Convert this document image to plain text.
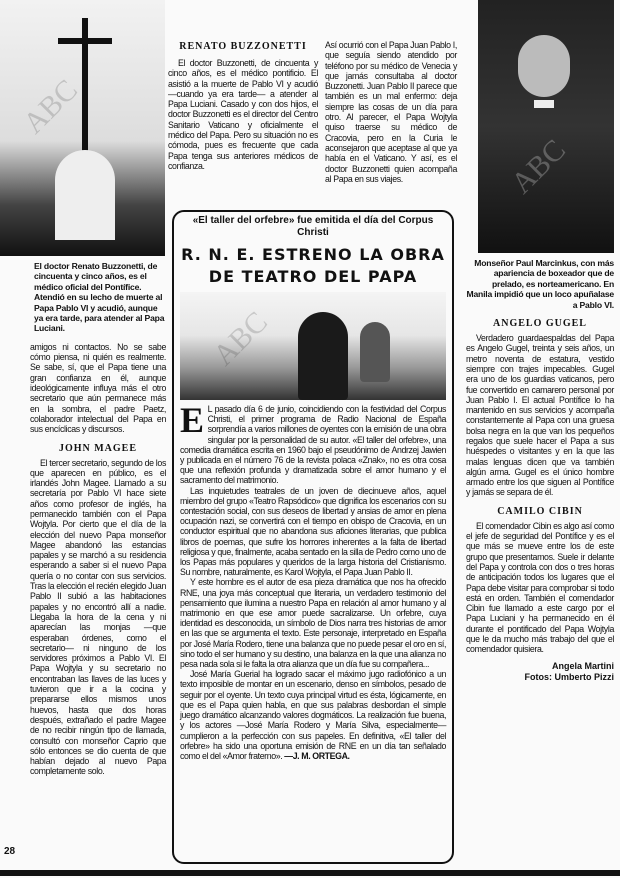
ABC
El doctor Renato Buzzonetti, de cincuenta y cinco años, es el médico oficial del Pontífice. Atendió en su lecho de muerte al Papa Pablo VI y acudió, aunque ya era tarde, para atender al Papa Luciani.
amigos ni contactos. No se sabe cómo piensa, ni quién es realmente. Se sabe, sí, que el Papa tiene una gran confianza en él, aunque ideológicamente influya más el otro secretario que aún permanece más en la sombra, el padre Paetz, colaborador intelectual del Papa en sus encíclicas y discursos.
JOHN MAGEE
El tercer secretario, segundo de los que aparecen en público, es el irlandés John Magee. Llamado a su secretaría por Pablo VI hace siete años como profesor de inglés, ha permanecido también con el Papa Wojtyla. Por cierto que el día de la elección del nuevo Papa monseñor Magee abandonó las estancias papales y se marchó a su residencia esperando a saber si el nuevo Papa quería o no contar con sus servicios. Tras la elección el recién elegido Juan Pablo II subió a las habitaciones papales y no encontró allí a nadie. Llegaba la hora de la cena y ni aparecían las monjas —que esperaban órdenes, como el secretario— ni ninguno de los servidores próximos a Pablo VI. El Papa Wojtyla y su secretario no encontraban las llaves de las luces y tuvieron que ir a la cocina y prepararse ellos mismos unos huevos, hasta que dos horas después, extrañado el padre Magee de no recibir ningún tipo de llamada, consultó con monseñor Caprio que sólo entonces se dio cuenta de que habían dejado al nuevo Papa completamente solo.
28
RENATO BUZZONETTI
El doctor Buzzonetti, de cincuenta y cinco años, es el médico pontificio. El asistió a la muerte de Pablo VI y acudió —cuando ya era tarde— a atender al Papa Luciani. Casado y con dos hijos, el doctor Buzzonetti es el director del Centro Sanitario Vaticano y oficialmente el médico del Papa. Pero su situación no es cómoda, pues es frecuente que cada Papa tenga sus anteriores médicos de confianza.
Así ocurrió con el Papa Juan Pablo I, que seguía siendo atendido por teléfono por su médico de Venecia y que jamás consultaba al doctor Buzzonetti. Juan Pablo II parece que también es un mal enfermo: deja siempre las cosas de un día para otro. Al parecer, el Papa Wojtyla quiso traerse su médico de Cracovia, pero en la Curia le aconsejaron que aceptase al que ya había en el Vaticano. Y así, es el doctor Buzzonetti quien acompaña al Papa en sus viajes.
«El taller del orfebre» fue emitida el día del Corpus Christi
R. N. E. ESTRENO LA OBRA DE TEATRO DEL PAPA
ABC

E L pasado día 6 de junio, coincidiendo con la festividad del Corpus Christi, el primer programa de Radio Nacional de España sorprendía a varios millones de oyentes con la emisión de una obra singular por la personalidad de su autor. «El taller del orfebre», una comedia dramática escrita en 1960 bajo el pseudónimo de Andrzej Jawien y publicada en el número 76 de la revista polaca «Znak», no es otra cosa que una reflexión profunda y dramatizada sobre el amor humano y el sacramento del matrimonio.

Las inquietudes teatrales de un joven de diecinueve años, aquel miembro del grupo «Teatro Rapsódico» que dignifica los escenarios con su contestación social, con sus deseos de libertad y ansias de amor en plena ocupación nazi, se convertirá con el tiempo en obispo de Cracovia, en un conductor espiritual que no abandona sus aficiones literarias, que publica libros de poemas, que sufre los horrores inherentes a la falta de libertad religiosa y que, finalmente, acaba sentado en la silla de Pedro como uno de los Papas más populares y queridos de la larga historia del Cristianismo. Su nombre, naturalmente, es Karol Wojtyla, el Papa Juan Pablo II.

Y este hombre es el autor de esa pieza dramática que nos ha ofrecido RNE, una joya más conceptual que literaria, un verdadero testimonio del pensamiento que ilumina a nuestro Papa en relación al amor humano y al matrimonio en que ese amor puede sacralizarse. Un orfebre, cuya identidad es desconocida, un símbolo de Dios narra tres historias de amor en las que se argumenta el texto. Este personaje, interpretado en España por José María Rodero, tiene una balanza que no puede pesar el oro en sí, sino todo el ser humano y su destino, una balanza en la que una alianza no pesa nada sola si le falta la otra alianza que un día fue su compañera...

José María Guerial ha logrado sacar el máximo jugo radiofónico a un texto imposible de montar en un escenario, denso en símbolos, pesado de seguir por el oyente. Un texto cuya principal virtud es ésta, lógicamente, en que es el Papa quien habla, en que sus palabras desbordan el simple juego dramático alcanzando valores dogmáticos. La realización fue buena, y los actores —José María Rodero y María Silva, especialmente— cumplieron a la perfección con sus papeles. En definitiva, «El taller del orfebre» ha sido una oportuna emisión de RNE en un día tan señalado como el del «Amor fraterno». —J. M. ORTEGA.

ABC
Monseñor Paul Marcinkus, con más apariencia de boxeador que de prelado, es norteamericano. En Manila impidió que un loco apuñalase a Pablo VI.
ANGELO GUGEL
Verdadero guardaespaldas del Papa es Angelo Gugel, treinta y seis años, un metro noventa de estatura, vestido siempre con trajes impecables. Gugel era uno de los guardias vaticanos, pero fue convertido en camarero personal por Juan Pablo I. El actual Pontífice lo ha mantenido en sus servicios y acompaña constantemente al Papa con una gruesa bolsa negra en la que van los pequeños regalos que suele hacer el Papa a sus huéspedes o visitantes y en la que las malas lenguas dicen que va también algún arma. Gugel es el único hombre armado entre los que siguen al Pontífice y jamás se separa de él.
CAMILO CIBIN
El comendador Cibin es algo así como el jefe de seguridad del Pontífice y es el que más se mueve entre los de este grupo que presentamos. Suele ir delante del Papa y controla con dos o tres horas de anticipación todos los lugares que el Papa debe visitar para comprobar si todo está en orden. También el comendador Cibin fue llamado a este cargo por el Papa Luciani y ha permanecido en él durante el pontificado del Papa Wojtyla que le da mucho más trabajo del que el comendador quisiera.
Angela Martini
Fotos: Umberto Pizzi
